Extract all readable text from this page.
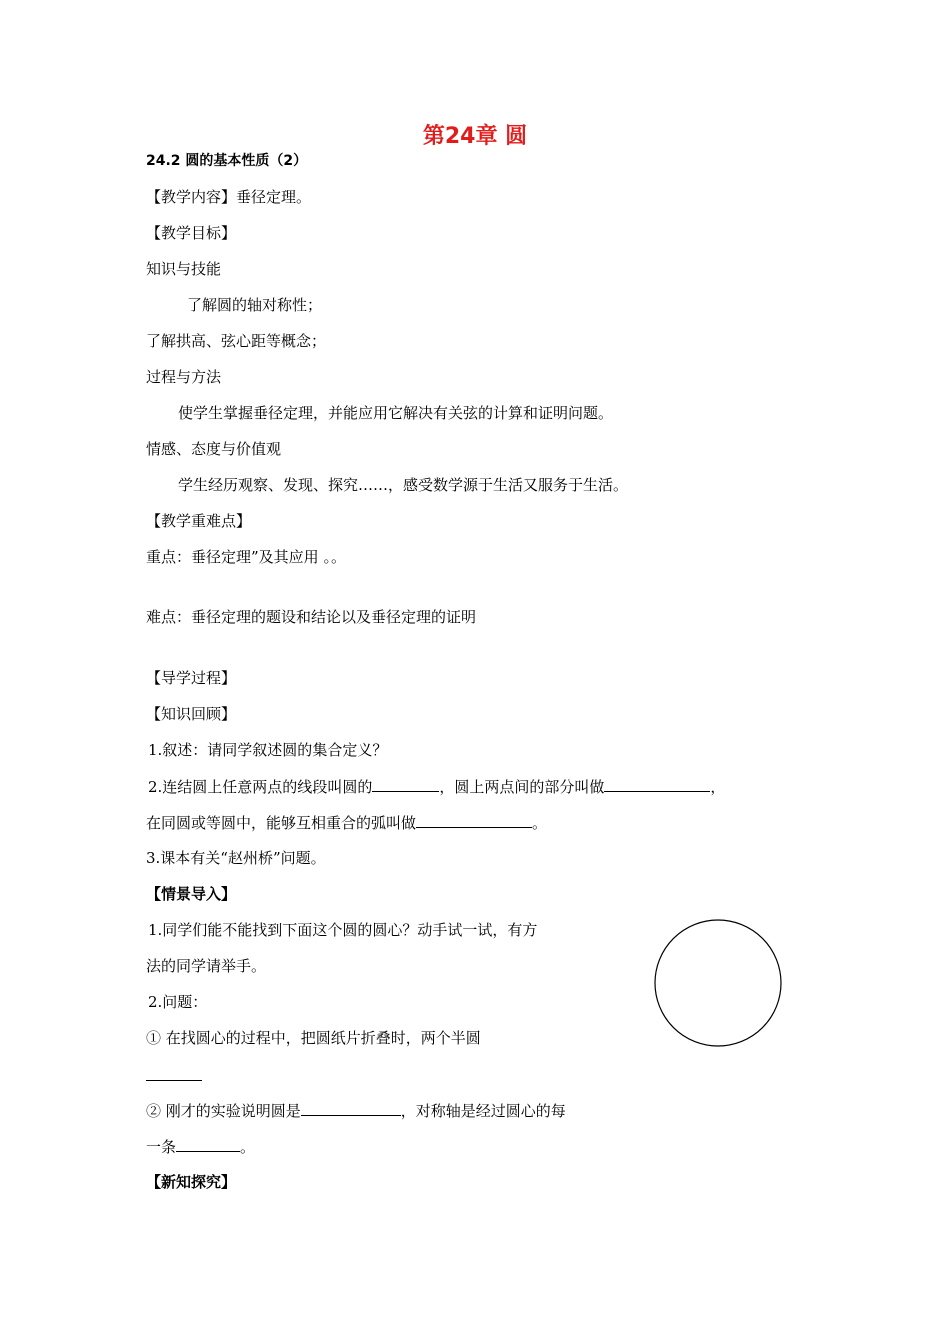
第24章 圆
24.2 圆的基本性质（2）
【教学内容】垂径定理。
【教学目标】
知识与技能
了解圆的轴对称性；
了解拱高、弦心距等概念；
过程与方法
使学生掌握垂径定理，并能应用它解决有关弦的计算和证明问题。
情感、态度与价值观
学生经历观察、发现、探究……，感受数学源于生活又服务于生活。
【教学重难点】
重点：垂径定理”及其应用 。。
难点：垂径定理的题设和结论以及垂径定理的证明
【导学过程】
【知识回顾】
1.叙述：请同学叙述圆的集合定义？
2.连结圆上任意两点的线段叫圆的	，圆上两点间的部分叫做	，
在同圆或等圆中，能够互相重合的弧叫做	。
3.课本有关“赵州桥”问题。
【情景导入】
1.同学们能不能找到下面这个圆的圆心？动手试一试，有方
法的同学请举手。
2.问题：
① 在找圆心的过程中，把圆纸片折叠时，两个半圆
② 刚才的实验说明圆是	，对称轴是经过圆心的每
一条	。
【新知探究】
